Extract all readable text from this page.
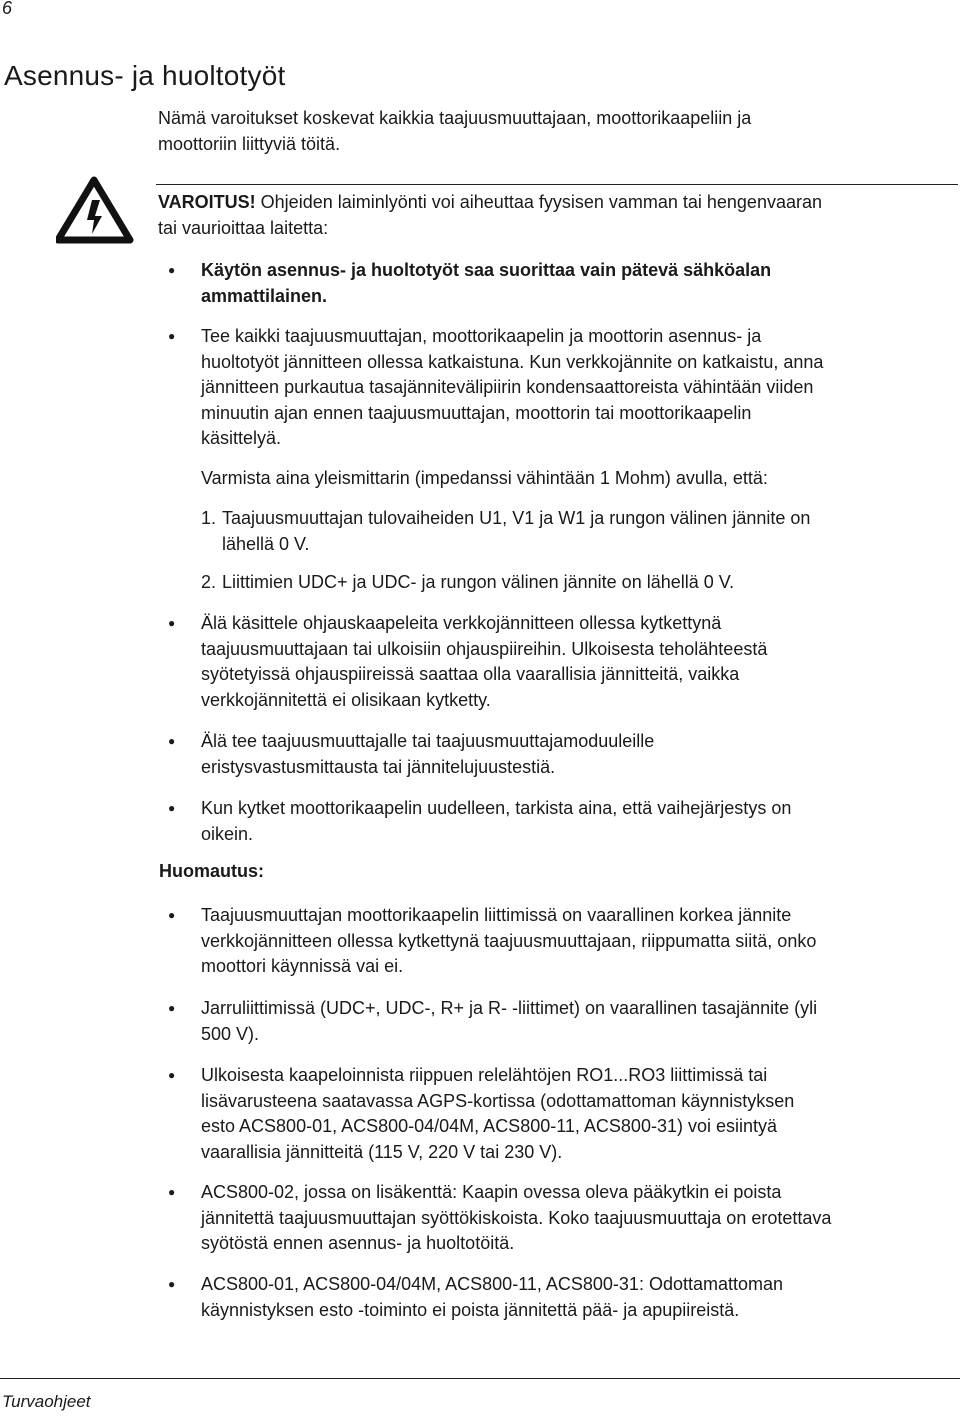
6
Asennus- ja huoltotyöt
Nämä varoitukset koskevat kaikkia taajuusmuuttajaan, moottorikaapeliin ja
moottoriin liittyviä töitä.
VAROITUS! Ohjeiden laiminlyönti voi aiheuttaa fyysisen vamman tai hengenvaaran
tai vaurioittaa laitetta:
●
Käytön asennus- ja huoltotyöt saa suorittaa vain pätevä sähköalan
ammattilainen.
●
Tee kaikki taajuusmuuttajan, moottorikaapelin ja moottorin asennus- ja
huoltotyöt jännitteen ollessa katkaistuna. Kun verkkojännite on katkaistu, anna
jännitteen purkautua tasajännitevälipiirin kondensaattoreista vähintään viiden
minuutin ajan ennen taajuusmuuttajan, moottorin tai moottorikaapelin
käsittelyä.
Varmista aina yleismittarin (impedanssi vähintään 1 Mohm) avulla, että:
1. Taajuusmuuttajan tulovaiheiden U1, V1 ja W1 ja rungon välinen jännite on
lähellä 0 V.
2. Liittimien UDC+ ja UDC- ja rungon välinen jännite on lähellä 0 V.
●
Älä käsittele ohjauskaapeleita verkkojännitteen ollessa kytkettynä
taajuusmuuttajaan tai ulkoisiin ohjauspiireihin. Ulkoisesta teholähteestä
syötetyissä ohjauspiireissä saattaa olla vaarallisia jännitteitä, vaikka
verkkojännitettä ei olisikaan kytketty.
●
Älä tee taajuusmuuttajalle tai taajuusmuuttajamoduuleille
eristysvastusmittausta tai jännitelujuustestiä.
●
Kun kytket moottorikaapelin uudelleen, tarkista aina, että vaihejärjestys on
oikein.
Huomautus:
●
Taajuusmuuttajan moottorikaapelin liittimissä on vaarallinen korkea jännite
verkkojännitteen ollessa kytkettynä taajuusmuuttajaan, riippumatta siitä, onko
moottori käynnissä vai ei.
●
Jarruliittimissä (UDC+, UDC-, R+ ja R- -liittimet) on vaarallinen tasajännite (yli
500 V).
●
Ulkoisesta kaapeloinnista riippuen relelähtöjen RO1...RO3 liittimissä tai
lisävarusteena saatavassa AGPS-kortissa (odottamattoman käynnistyksen
esto ACS800-01, ACS800-04/04M, ACS800-11, ACS800-31) voi esiintyä
vaarallisia jännitteitä (115 V, 220 V tai 230 V).
●
ACS800-02, jossa on lisäkenttä: Kaapin ovessa oleva pääkytkin ei poista
jännitettä taajuusmuuttajan syöttökiskoista. Koko taajuusmuuttaja on erotettava
syötöstä ennen asennus- ja huoltotöitä.
●
ACS800-01, ACS800-04/04M, ACS800-11, ACS800-31: Odottamattoman
käynnistyksen esto -toiminto ei poista jännitettä pää- ja apupiireistä.
Turvaohjeet
